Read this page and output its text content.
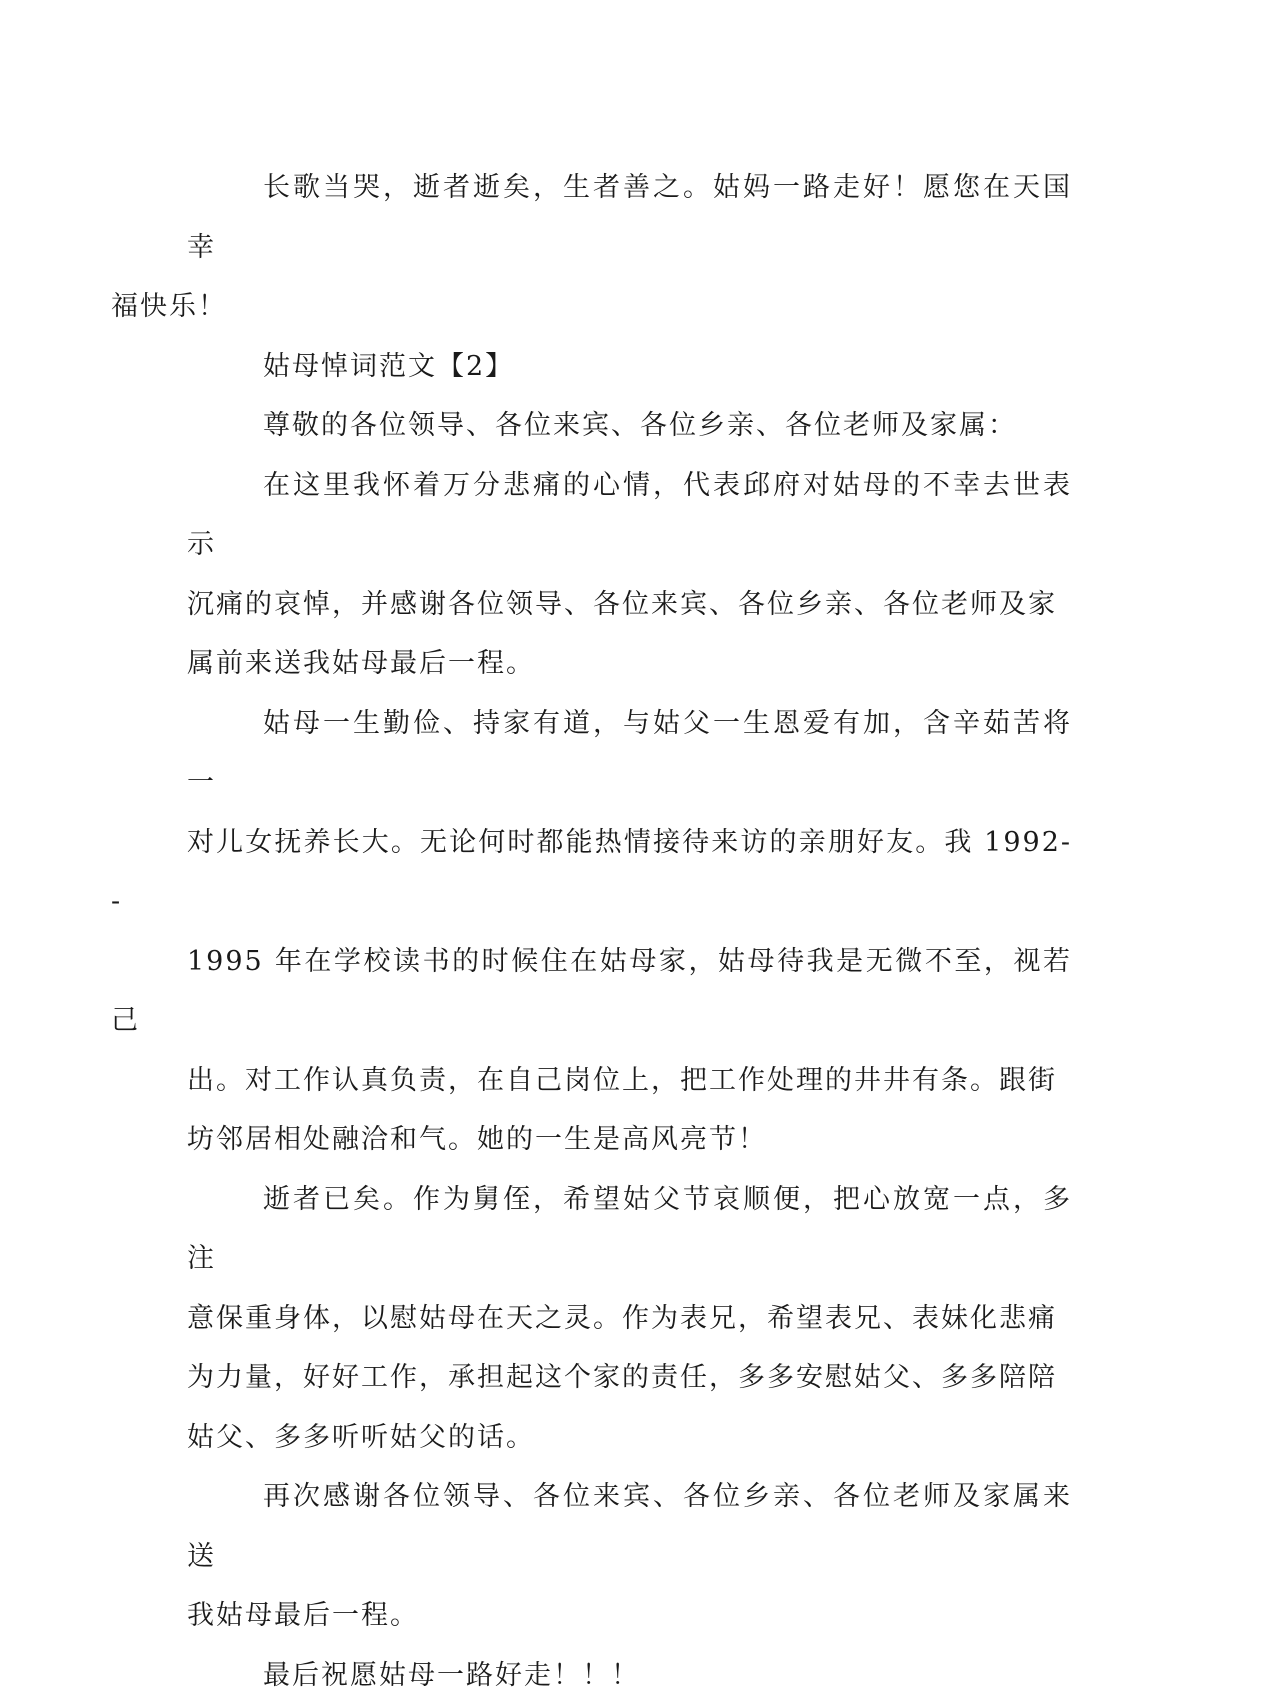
长歌当哭，逝者逝矣，生者善之。姑妈一路走好！愿您在天国幸
福快乐！

姑母悼词范文【2】

尊敬的各位领导、各位来宾、各位乡亲、各位老师及家属：

在这里我怀着万分悲痛的心情，代表邱府对姑母的不幸去世表示
沉痛的哀悼，并感谢各位领导、各位来宾、各位乡亲、各位老师及家
属前来送我姑母最后一程。

姑母一生勤俭、持家有道，与姑父一生恩爱有加，含辛茹苦将一
对儿女抚养长大。无论何时都能热情接待来访的亲朋好友。我 1992--
1995 年在学校读书的时候住在姑母家，姑母待我是无微不至，视若己
出。对工作认真负责，在自己岗位上，把工作处理的井井有条。跟街
坊邻居相处融洽和气。她的一生是高风亮节！

逝者已矣。作为舅侄，希望姑父节哀顺便，把心放宽一点，多注
意保重身体，以慰姑母在天之灵。作为表兄，希望表兄、表妹化悲痛
为力量，好好工作，承担起这个家的责任，多多安慰姑父、多多陪陪
姑父、多多听听姑父的话。

再次感谢各位领导、各位来宾、各位乡亲、各位老师及家属来送
我姑母最后一程。

最后祝愿姑母一路好走！！！
